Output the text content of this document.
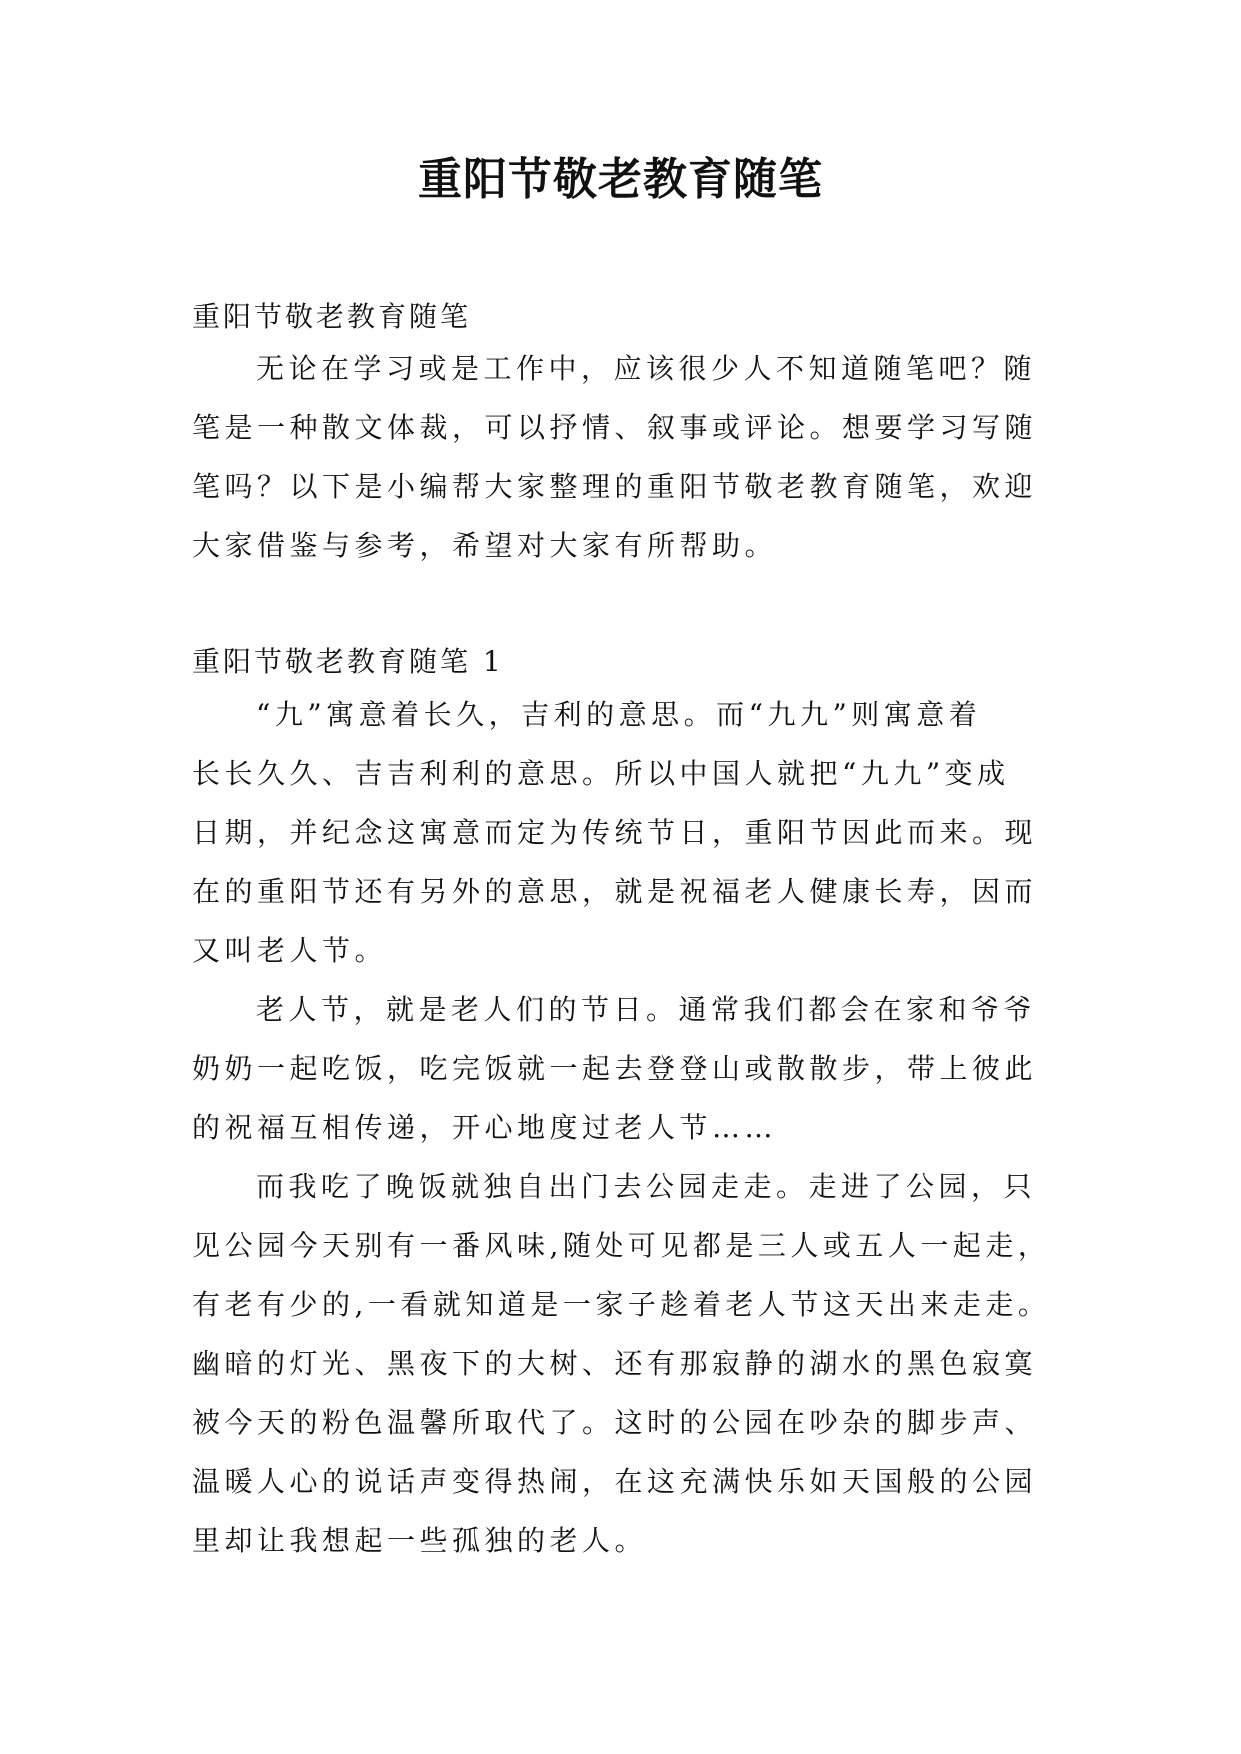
重阳节敬老教育随笔
重阳节敬老教育随笔
无论在学习或是工作中，应该很少人不知道随笔吧？随
笔是一种散文体裁，可以抒情、叙事或评论。想要学习写随
笔吗？以下是小编帮大家整理的重阳节敬老教育随笔，欢迎
大家借鉴与参考，希望对大家有所帮助。
重阳节敬老教育随笔 1
“九”寓意着长久，吉利的意思。而“九九”则寓意着
长长久久、吉吉利利的意思。所以中国人就把“九九”变成
日期，并纪念这寓意而定为传统节日，重阳节因此而来。现
在的重阳节还有另外的意思，就是祝福老人健康长寿，因而
又叫老人节。
老人节，就是老人们的节日。通常我们都会在家和爷爷
奶奶一起吃饭，吃完饭就一起去登登山或散散步，带上彼此
的祝福互相传递，开心地度过老人节……
而我吃了晚饭就独自出门去公园走走。走进了公园，只
见公园今天别有一番风味,随处可见都是三人或五人一起走，
有老有少的,一看就知道是一家子趁着老人节这天出来走走。
幽暗的灯光、黑夜下的大树、还有那寂静的湖水的黑色寂寞
被今天的粉色温馨所取代了。这时的公园在吵杂的脚步声、
温暖人心的说话声变得热闹，在这充满快乐如天国般的公园
里却让我想起一些孤独的老人。
